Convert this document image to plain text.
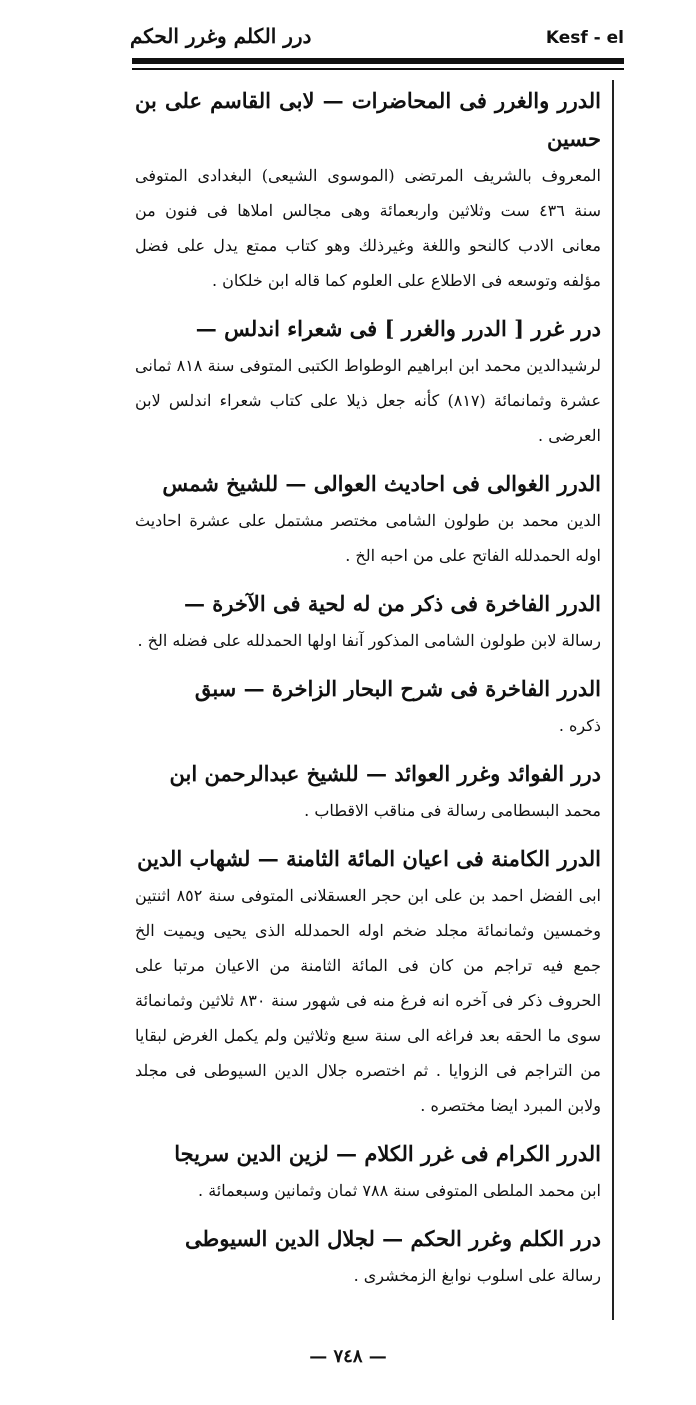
درر الكلم وغرر الحكم	Kesf - el
الدرر والغرر فى المحاضرات — لابى القاسم على بن حسين
المعروف بالشريف المرتضى (الموسوى الشيعى) البغدادى المتوفى سنة ٤٣٦ ست وثلاثين واربعمائة وهى مجالس املاها فى فنون من معانى الادب كالنحو واللغة وغيرذلك وهو كتاب ممتع يدل على فضل مؤلفه وتوسعه فى الاطلاع على العلوم كما قاله ابن خلكان .
درر غرر [ الدرر والغرر ] فى شعراء اندلس —
لرشيدالدين محمد ابن ابراهيم الوطواط الكتبى المتوفى سنة ٨١٨ ثمانى عشرة وثمانمائة (٨١٧) كأنه جعل ذيلا على كتاب شعراء اندلس لابن العرضى .
الدرر الغوالى فى احاديث العوالى — للشيخ شمس
الدين محمد بن طولون الشامى مختصر مشتمل على عشرة احاديث اوله الحمدلله الفاتح على من احبه الخ .
الدرر الفاخرة فى ذكر من له لحية فى الآخرة —
رسالة لابن طولون الشامى المذكور آنفا اولها الحمدلله على فضله الخ .
الدرر الفاخرة فى شرح البحار الزاخرة — سبق
ذكره .
درر الفوائد وغرر العوائد — للشيخ عبدالرحمن ابن
محمد البسطامى رسالة فى مناقب الاقطاب .
الدرر الكامنة فى اعيان المائة الثامنة — لشهاب الدين
ابى الفضل احمد بن على ابن حجر العسقلانى المتوفى سنة ٨٥٢ اثنتين وخمسين وثمانمائة مجلد ضخم اوله الحمدلله الذى يحيى ويميت الخ جمع فيه تراجم من كان فى المائة الثامنة من الاعيان مرتبا على الحروف ذكر فى آخره انه فرغ منه فى شهور سنة ٨٣٠ ثلاثين وثمانمائة سوى ما الحقه بعد فراغه الى سنة سبع وثلاثين ولم يكمل الغرض لبقايا من التراجم فى الزوايا . ثم اختصره جلال الدين السيوطى فى مجلد ولابن المبرد ايضا مختصره .
الدرر الكرام فى غرر الكلام — لزين الدين سريجا
ابن محمد الملطى المتوفى سنة ٧٨٨ ثمان وثمانين وسبعمائة .
درر الكلم وغرر الحكم — لجلال الدين السيوطى
رسالة على اسلوب نوابغ الزمخشرى .
— ٧٤٨ —
